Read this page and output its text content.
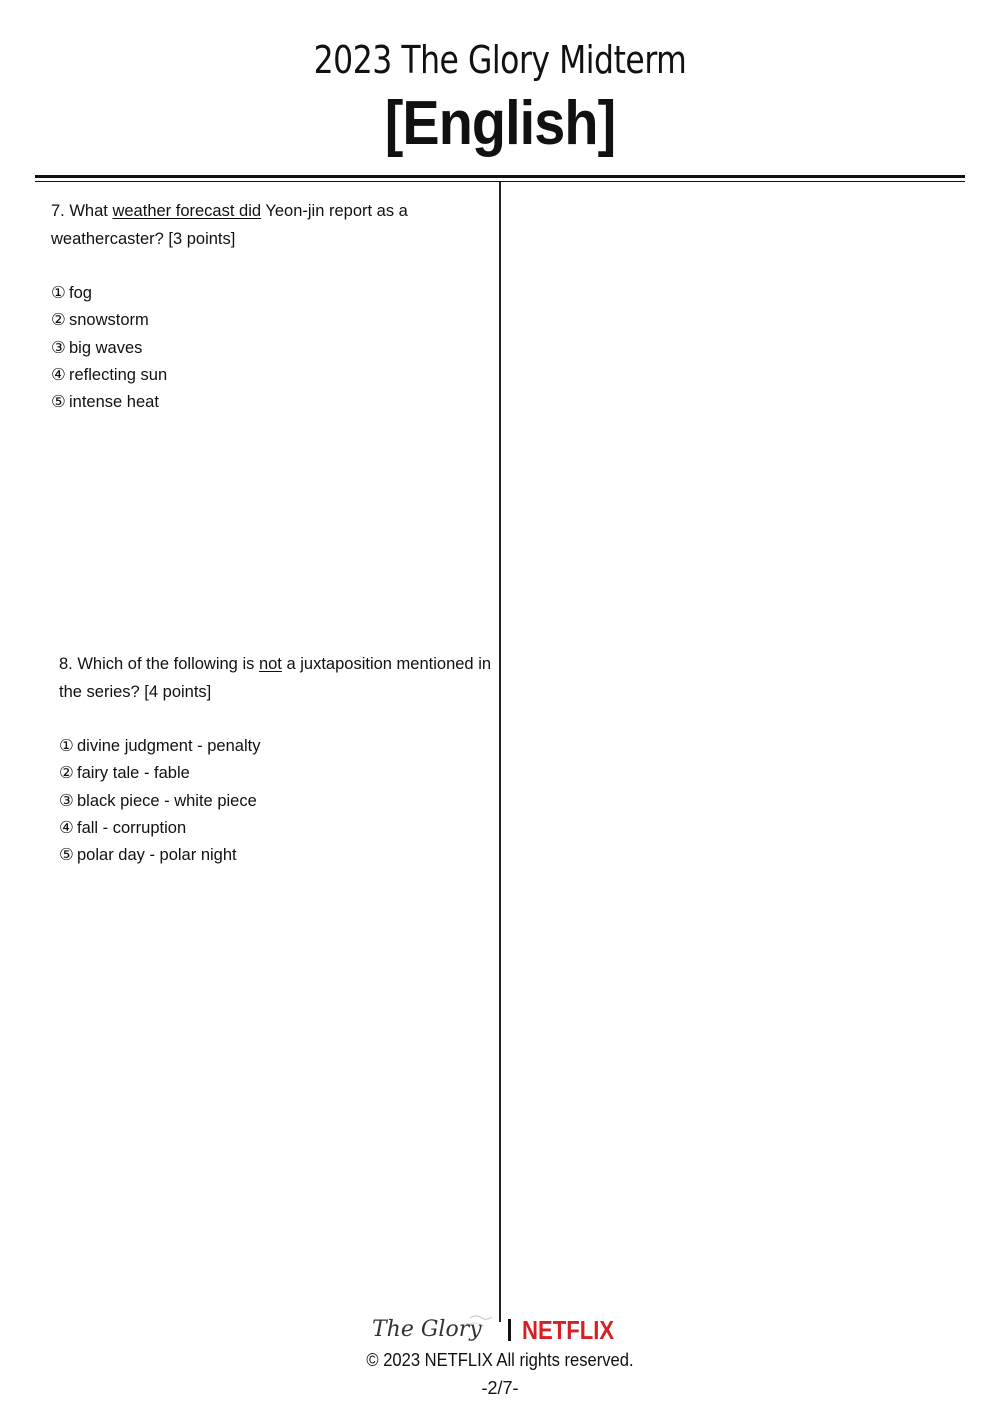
2023 The Glory Midterm
[English]
7. What weather forecast did Yeon-jin report as a weathercaster? [3 points]
① fog
② snowstorm
③ big waves
④ reflecting sun
⑤ intense heat
8. Which of the following is not a juxtaposition mentioned in the series? [4 points]
① divine judgment - penalty
② fairy tale - fable
③ black piece - white piece
④ fall - corruption
⑤ polar day - polar night
The Glory NETFLIX
© 2023 NETFLIX All rights reserved.
-2/7-
